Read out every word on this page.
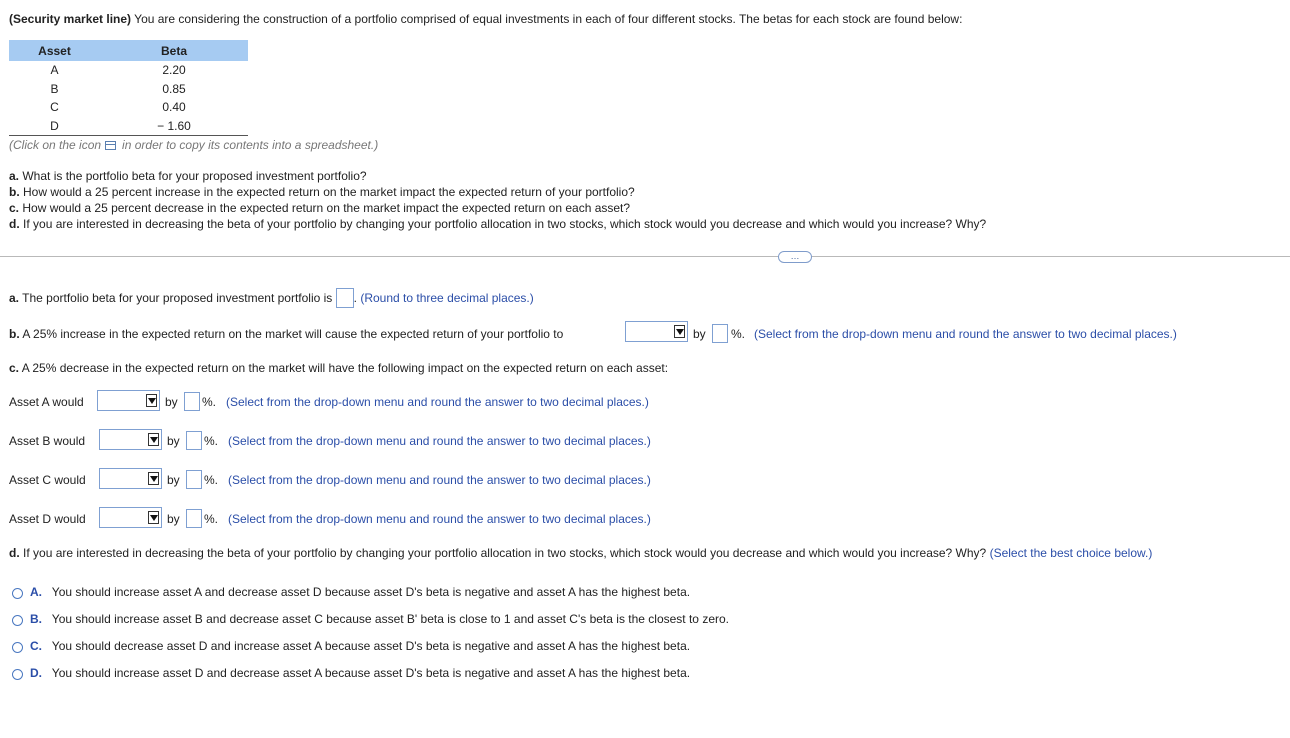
(Security market line) You are considering the construction of a portfolio comprised of equal investments in each of four different stocks. The betas for each stock are found below:
Asset	Beta
A	2.20
B	0.85
C	0.40
D	− 1.60
(Click on the icon in order to copy its contents into a spreadsheet.)
a. What is the portfolio beta for your proposed investment portfolio?
b. How would a 25 percent increase in the expected return on the market impact the expected return of your portfolio?
c. How would a 25 percent decrease in the expected return on the market impact the expected return on each asset?
d. If you are interested in decreasing the beta of your portfolio by changing your portfolio allocation in two stocks, which stock would you decrease and which would you increase? Why?
…
a. The portfolio beta for your proposed investment portfolio is . (Round to three decimal places.)
b. A 25% increase in the expected return on the market will cause the expected return of your portfolio to	by %. (Select from the drop-down menu and round the answer to two decimal places.)
c. A 25% decrease in the expected return on the market will have the following impact on the expected return on each asset:
Asset A would	by %. (Select from the drop-down menu and round the answer to two decimal places.)
Asset B would	by %. (Select from the drop-down menu and round the answer to two decimal places.)
Asset C would	by %. (Select from the drop-down menu and round the answer to two decimal places.)
Asset D would	by %. (Select from the drop-down menu and round the answer to two decimal places.)
d. If you are interested in decreasing the beta of your portfolio by changing your portfolio allocation in two stocks, which stock would you decrease and which would you increase? Why? (Select the best choice below.)
A. You should increase asset A and decrease asset D because asset D's beta is negative and asset A has the highest beta.
B. You should increase asset B and decrease asset C because asset B' beta is close to 1 and asset C's beta is the closest to zero.
C. You should decrease asset D and increase asset A because asset D's beta is negative and asset A has the highest beta.
D. You should increase asset D and decrease asset A because asset D's beta is negative and asset A has the highest beta.
